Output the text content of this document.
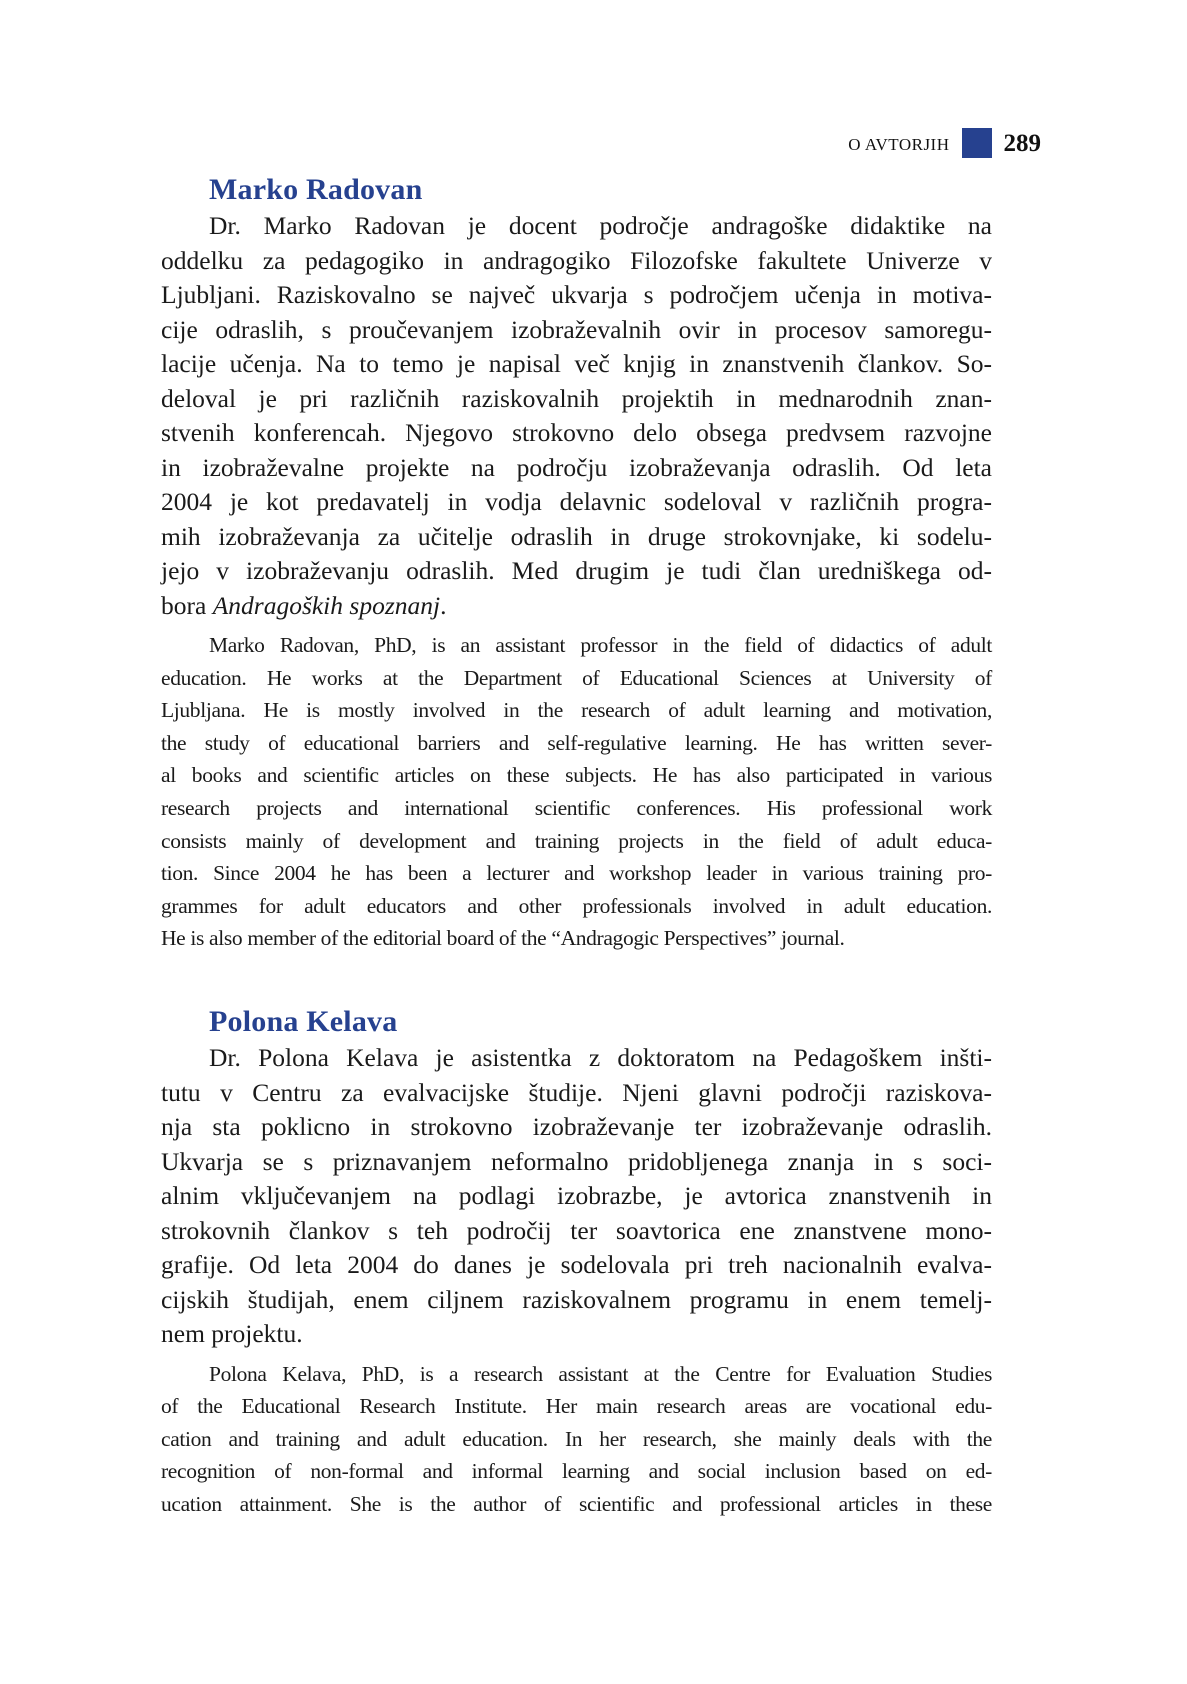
O AVTORJIH 289
Marko Radovan
Dr. Marko Radovan je docent področje andragoške didaktike na
oddelku za pedagogiko in andragogiko Filozofske fakultete Univerze v
Ljubljani. Raziskovalno se največ ukvarja s področjem učenja in motiva-
cije odraslih, s proučevanjem izobraževalnih ovir in procesov samoregu-
lacije učenja. Na to temo je napisal več knjig in znanstvenih člankov. So-
deloval je pri različnih raziskovalnih projektih in mednarodnih znan-
stvenih konferencah. Njegovo strokovno delo obsega predvsem razvojne
in izobraževalne projekte na področju izobraževanja odraslih. Od leta
2004 je kot predavatelj in vodja delavnic sodeloval v različnih progra-
mih izobraževanja za učitelje odraslih in druge strokovnjake, ki sodelu-
jejo v izobraževanju odraslih. Med drugim je tudi član uredniškega od-
bora Andragoških spoznanj.
Marko Radovan, PhD, is an assistant professor in the field of didactics of adult
education. He works at the Department of Educational Sciences at University of
Ljubljana. He is mostly involved in the research of adult learning and motivation,
the study of educational barriers and self-regulative learning. He has written sever-
al books and scientific articles on these subjects. He has also participated in various
research projects and international scientific conferences. His professional work
consists mainly of development and training projects in the field of adult educa-
tion. Since 2004 he has been a lecturer and workshop leader in various training pro-
grammes for adult educators and other professionals involved in adult education.
He is also member of the editorial board of the “Andragogic Perspectives” journal.
Polona Kelava
Dr. Polona Kelava je asistentka z doktoratom na Pedagoškem inšti-
tutu v Centru za evalvacijske študije. Njeni glavni področji raziskova-
nja sta poklicno in strokovno izobraževanje ter izobraževanje odraslih.
Ukvarja se s priznavanjem neformalno pridobljenega znanja in s soci-
alnim vključevanjem na podlagi izobrazbe, je avtorica znanstvenih in
strokovnih člankov s teh področij ter soavtorica ene znanstvene mono-
grafije. Od leta 2004 do danes je sodelovala pri treh nacionalnih evalva-
cijskih študijah, enem ciljnem raziskovalnem programu in enem temelj-
nem projektu.
Polona Kelava, PhD, is a research assistant at the Centre for Evaluation Studies
of the Educational Research Institute. Her main research areas are vocational edu-
cation and training and adult education. In her research, she mainly deals with the
recognition of non-formal and informal learning and social inclusion based on ed-
ucation attainment. She is the author of scientific and professional articles in these
